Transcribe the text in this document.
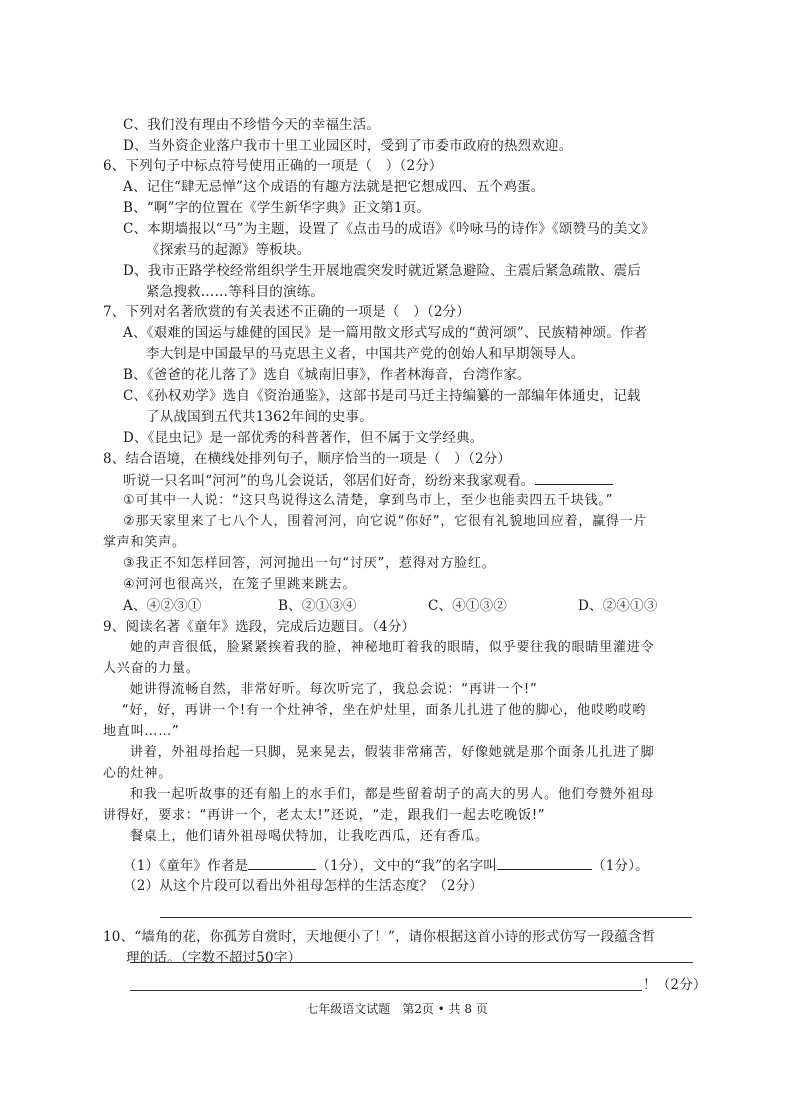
C、我们没有理由不珍惜今天的幸福生活。
D、当外资企业落户我市十里工业园区时，受到了市委市政府的热烈欢迎。
6、下列句子中标点符号使用正确的一项是（　）（2分）
A、记住“肆无忌惮”这个成语的有趣方法就是把它想成四、五个鸡蛋。
B、“啊”字的位置在《学生新华字典》正文第1页。
C、本期墙报以“马”为主题，设置了《点击马的成语》《吟咏马的诗作》《颂赞马的美文》
《探索马的起源》等板块。
D、我市正路学校经常组织学生开展地震突发时就近紧急避险、主震后紧急疏散、震后
紧急搜救……等科目的演练。
7、下列对名著欣赏的有关表述不正确的一项是（　）（2分）
A、《艰难的国运与雄健的国民》是一篇用散文形式写成的“黄河颂”、民族精神颂。作者
李大钊是中国最早的马克思主义者，中国共产党的创始人和早期领导人。
B、《爸爸的花儿落了》选自《城南旧事》，作者林海音，台湾作家。
C、《孙权劝学》选自《资治通鉴》，这部书是司马迁主持编纂的一部编年体通史，记载
了从战国到五代共1362年间的史事。
D、《昆虫记》是一部优秀的科普著作，但不属于文学经典。
8、结合语境，在横线处排列句子，顺序恰当的一项是（　）（2分）
听说一只名叫“河河”的鸟儿会说话，邻居们好奇，纷纷来我家观看。
①可其中一人说：“这只鸟说得这么清楚，拿到鸟市上，至少也能卖四五千块钱。”
②那天家里来了七八个人，围着河河，向它说“你好”，它很有礼貌地回应着，赢得一片
掌声和笑声。
③我正不知怎样回答，河河抛出一句“讨厌”，惹得对方脸红。
④河河也很高兴，在笼子里跳来跳去。
A、④②③①	B、②①③④	C、④①③②	D、②④①③
9、阅读名著《童年》选段，完成后边题目。（4分）
她的声音很低，脸紧紧挨着我的脸，神秘地盯着我的眼睛，似乎要往我的眼睛里灌进令
人兴奋的力量。
她讲得流畅自然，非常好听。每次听完了，我总会说：“再讲一个!”
“好，好，再讲一个!有一个灶神爷，坐在炉灶里，面条儿扎进了他的脚心，他哎哟哎哟
地直叫……”
讲着，外祖母抬起一只脚，晃来晃去，假装非常痛苦，好像她就是那个面条儿扎进了脚
心的灶神。
和我一起听故事的还有船上的水手们，都是些留着胡子的高大的男人。他们夸赞外祖母
讲得好，要求：“再讲一个，老太太!”还说，“走，跟我们一起去吃晚饭!”
餐桌上，他们请外祖母喝伏特加，让我吃西瓜，还有香瓜。
（1）《童年》作者是	（1分），文中的“我”的名字叫	（1分）。
（2）从这个片段可以看出外祖母怎样的生活态度？（2分）
10、“墙角的花，你孤芳自赏时，天地便小了！”，请你根据这首小诗的形式仿写一段蕴含哲
理的话。（字数不超过50字）
！（2分）
七年级语文试题　第2页 • 共 8 页
